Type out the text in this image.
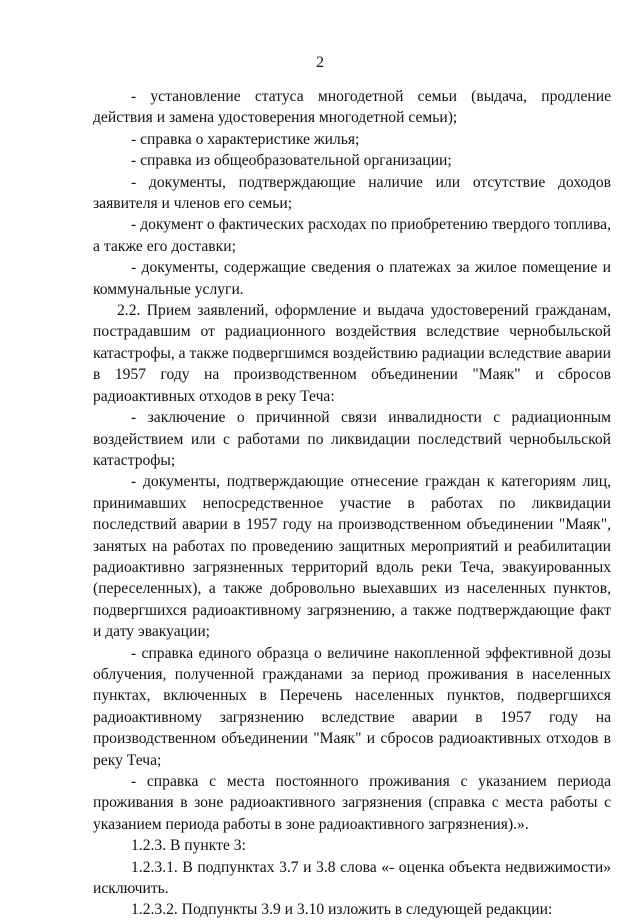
2

- установление статуса многодетной семьи (выдача, продление действия и замена удостоверения многодетной семьи);

- справка о характеристике жилья;

- справка из общеобразовательной организации;

- документы, подтверждающие наличие или отсутствие доходов заявителя и членов его семьи;

- документ о фактических расходах по приобретению твердого топлива, а также его доставки;

- документы, содержащие сведения о платежах за жилое помещение и коммунальные услуги.

2.2. Прием заявлений, оформление и выдача удостоверений гражданам, пострадавшим от радиационного воздействия вследствие чернобыльской катастрофы, а также подвергшимся воздействию радиации вследствие аварии в 1957 году на производственном объединении "Маяк" и сбросов радиоактивных отходов в реку Теча:

- заключение о причинной связи инвалидности с радиационным воздействием или с работами по ликвидации последствий чернобыльской катастрофы;

- документы, подтверждающие отнесение граждан к категориям лиц, принимавших непосредственное участие в работах по ликвидации последствий аварии в 1957 году на производственном объединении "Маяк", занятых на работах по проведению защитных мероприятий и реабилитации радиоактивно загрязненных территорий вдоль реки Теча, эвакуированных (переселенных), а также добровольно выехавших из населенных пунктов, подвергшихся радиоактивному загрязнению, а также подтверждающие факт и дату эвакуации;

- справка единого образца о величине накопленной эффективной дозы облучения, полученной гражданами за период проживания в населенных пунктах, включенных в Перечень населенных пунктов, подвергшихся радиоактивному загрязнению вследствие аварии в 1957 году на производственном объединении "Маяк" и сбросов радиоактивных отходов в реку Теча;

- справка с места постоянного проживания с указанием периода проживания в зоне радиоактивного загрязнения (справка с места работы с указанием периода работы в зоне радиоактивного загрязнения).».

1.2.3. В пункте 3:

1.2.3.1. В подпунктах 3.7 и 3.8 слова «- оценка объекта недвижимости» исключить.

1.2.3.2. Подпункты 3.9 и 3.10 изложить в следующей редакции:
